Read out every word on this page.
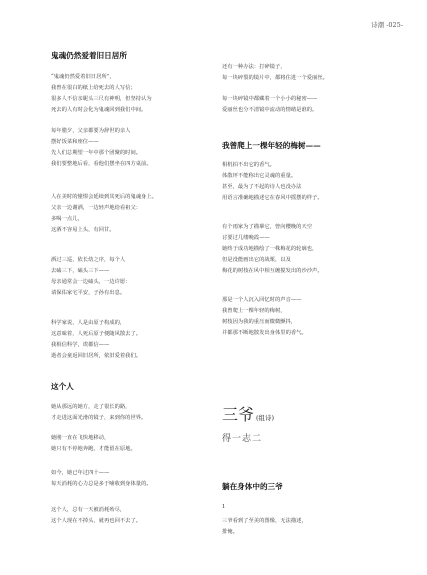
诗潮 -025-
鬼魂仍然爱着旧日居所
“鬼魂仍然爱着旧日居所”，
我曾在很白的纸上给死去的人写信；
很多人不信亲昵头三尺有神明，但坚持认为
死去的人有时会化为鬼魂回到我们中间。
每年腊夕，父亲都要为辞世的亲人
摆好饭菜和座位——
先人们总期望一年中那个团聚的时间。
我们要整地后看，看他们摆坐在四方桌前。
人在美时的憧憬会延续到其死后的鬼魂身上。
父亲一边谢酒，一边轻声地给看祖父：
多喝一点儿，
这酒不容易上头，有回甘。
酒过三巡，依长幼之序，每个人
去磕三下，磕头三下——
母亲通常会一边磕头，一边许愿：
请保佑家宅平安，子孙有出息。
科学家说，人是由原子构成的，
这意味着，人死后原子便随风散去了。
我相信科学，诶都信——
逝者会童返回旧居所，依旧爱着我们。
这个人
她从那远的她方，走了很长的路，
才走进这面光滑的镜子，来到你的世界。
她刚一直在飞快地移动，
她只有不停地奔跑，才能留在原地。
如今，她已年过四十——
每天消耗的心力总是多于哺收到身体量的。
这个人，总有一天被消耗殆尽，
这个人现在不掉头，就再也回不去了。
还有一种办法：打碎镜子，
每一块碎裂的镜片中，都将住进一个爱丽丝。
每一块碎镜中都藏着一个小小的秘密——
爱丽丝也分不清镜中流动的情绪是谁的。
我曾爬上一棵年轻的梅树——
相机拍不出它的香气。
体散坪不能称出它灵魂的重量。
甚至，最为了不起的诗人也没办法
用语言准确地描述它在春风中摇摆的样子。
有个雨家为了描摹它，曾向樱晚的天空
讨要过几缕晚霞——
她终于成功地描绘了一株梅花的轮廓也，
但是没能画出它的战栗，以及
梅花的树枝在风中相互缠搅发出的沙沙声。
那是一个人沉入回忆时的声音——
我曾爬上一棵年轻的梅树，
树枝因为我的重压而微微颤抖，
并都那不断地散发出身体里的香气。
三爷 (组诗)
得一志二
躺在身体中的三爷
1
三爷看到了至美的图像，无法描述，
排俺。
